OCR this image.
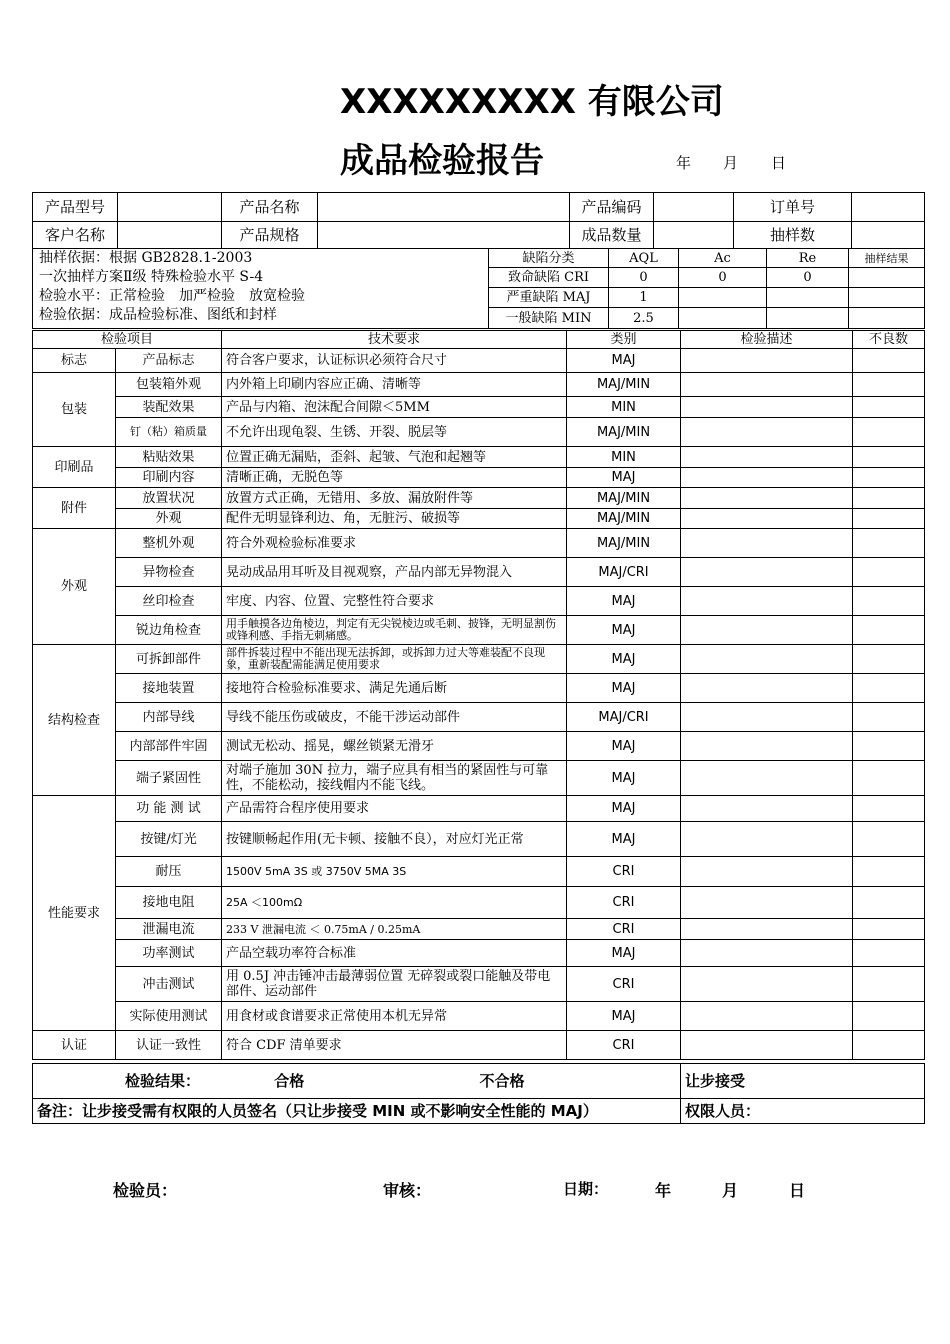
XXXXXXXXX 有限公司
成品检验报告	年 月 日
产品型号		产品名称		产品编码		订单号	
客户名称		产品规格		成品数量		抽样数	
抽样依据：根据 GB2828.1-2003
一次抽样方案Ⅱ级 特殊检验水平 S-4
检验水平：正常检验　加严检验　放宽检验
检验依据：成品检验标准、图纸和封样	缺陷分类	AQL	Ac	Re	抽样结果
	致命缺陷 CRI	0	0	0	
	严重缺陷 MAJ	1			
	一般缺陷 MIN	2.5			
检验项目		技术要求	类别	检验描述	不良数
标志	产品标志	符合客户要求，认证标识必须符合尺寸	MAJ		
包装	包装箱外观	内外箱上印刷内容应正确、清晰等	MAJ/MIN		
	装配效果	产品与内箱、泡沫配合间隙＜5MM	MIN		
	钉（粘）箱质量	不允许出现龟裂、生锈、开裂、脱层等	MAJ/MIN		
印刷品	粘贴效果	位置正确无漏贴，歪斜、起皱、气泡和起翘等	MIN		
	印刷内容	清晰正确，无脱色等	MAJ		
附件	放置状况	放置方式正确，无错用、多放、漏放附件等	MAJ/MIN		
	外观	配件无明显锋利边、角，无脏污、破损等	MAJ/MIN		
外观	整机外观	符合外观检验标准要求	MAJ/MIN		
	异物检查	晃动成品用耳听及目视观察，产品内部无异物混入	MAJ/CRI		
	丝印检查	牢度、内容、位置、完整性符合要求	MAJ		
	锐边角检查	用手触摸各边角棱边，判定有无尖锐棱边或毛刺、披锋，无明显割伤或锋利感、手指无刺痛感。	MAJ		
结构检查	可拆卸部件	部件拆装过程中不能出现无法拆卸，或拆卸力过大等难装配不良现象，重新装配需能满足使用要求	MAJ		
	接地装置	接地符合检验标准要求、满足先通后断	MAJ		
	内部导线	导线不能压伤或破皮，不能干涉运动部件	MAJ/CRI		
	内部部件牢固	测试无松动、摇晃，螺丝锁紧无滑牙	MAJ		
	端子紧固性	对端子施加 30N 拉力，端子应具有相当的紧固性与可靠性，不能松动，接线帽内不能飞线。	MAJ		
性能要求	功 能 测 试	产品需符合程序使用要求	MAJ		
	按键/灯光	按键顺畅起作用(无卡顿、接触不良），对应灯光正常	MAJ		
	耐压	1500V 5mA 3S 或 3750V 5MA 3S	CRI		
	接地电阻	25A ＜100mΩ	CRI		
	泄漏电流	233 V 泄漏电流 ＜ 0.75mA / 0.25mA	CRI		
	功率测试	产品空载功率符合标准	MAJ		
	冲击测试	用 0.5J 冲击锤冲击最薄弱位置 无碎裂或裂口能触及带电部件、运动部件	CRI		
	实际使用测试	用食材或食谱要求正常使用本机无异常	MAJ		
认证	认证一致性	符合 CDF 清单要求	CRI		
检验结果： 合格 不合格	让步接受
备注：让步接受需有权限的人员签名（只让步接受 MIN 或不影响安全性能的 MAJ）	权限人员：
检验员：	审核：	日期：	年	月	日
